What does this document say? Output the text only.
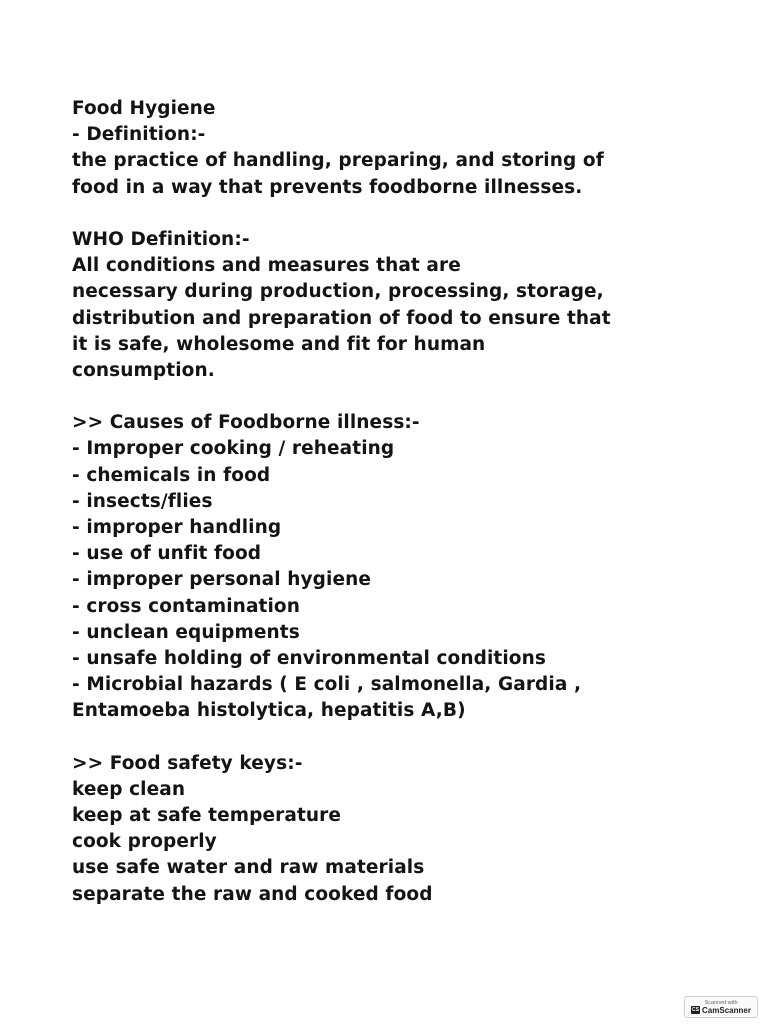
Food Hygiene
- Definition:-
the practice of handling, preparing, and storing of
food in a way that prevents foodborne illnesses.
WHO Definition:-
All conditions and measures that are
necessary during production, processing, storage,
distribution and preparation of food to ensure that
it is safe, wholesome and fit for human
consumption.
>> Causes of Foodborne illness:-
- Improper cooking / reheating
- chemicals in food
- insects/flies
- improper handling
- use of unfit food
- improper personal hygiene
- cross contamination
- unclean equipments
- unsafe holding of environmental conditions
- Microbial hazards ( E coli , salmonella, Gardia ,
Entamoeba histolytica, hepatitis A,B)
>> Food safety keys:-
keep clean
keep at safe temperature
cook properly
use safe water and raw materials
separate the raw and cooked food
Scanned with
CS CamScanner
